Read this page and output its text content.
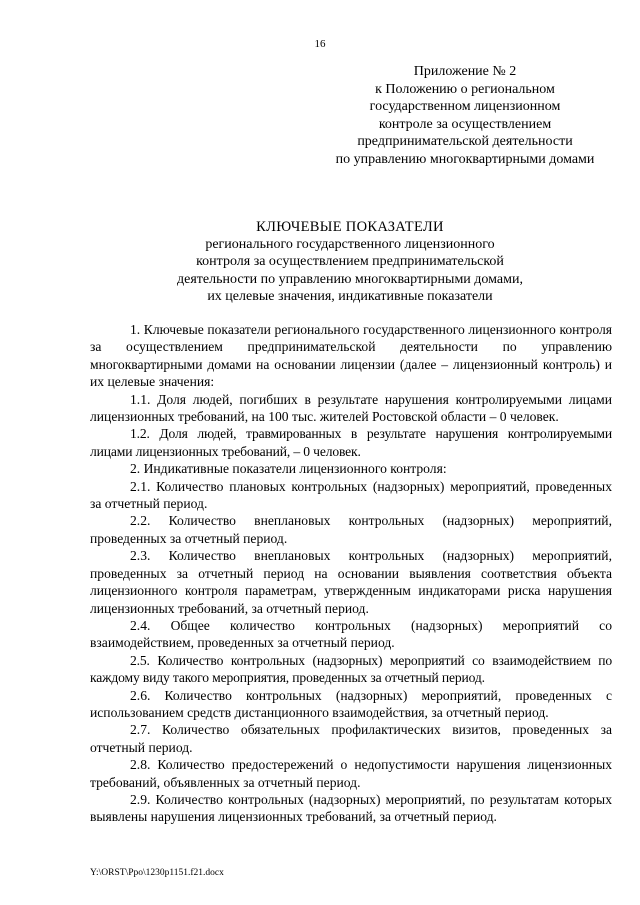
16
Приложение № 2
к Положению о региональном
государственном лицензионном
контроле за осуществлением
предпринимательской деятельности
по управлению многоквартирными домами
КЛЮЧЕВЫЕ ПОКАЗАТЕЛИ
регионального государственного лицензионного
контроля за осуществлением предпринимательской
деятельности по управлению многоквартирными домами,
их целевые значения, индикативные показатели

1. Ключевые показатели регионального государственного лицензионного контроля за осуществлением предпринимательской деятельности по управлению многоквартирными домами на основании лицензии (далее – лицензионный контроль) и их целевые значения:

1.1. Доля людей, погибших в результате нарушения контролируемыми лицами лицензионных требований, на 100 тыс. жителей Ростовской области – 0 человек.

1.2. Доля людей, травмированных в результате нарушения контролируемыми лицами лицензионных требований, – 0 человек.

2. Индикативные показатели лицензионного контроля:

2.1. Количество плановых контрольных (надзорных) мероприятий, проведенных за отчетный период.

2.2. Количество внеплановых контрольных (надзорных) мероприятий, проведенных за отчетный период.

2.3. Количество внеплановых контрольных (надзорных) мероприятий, проведенных за отчетный период на основании выявления соответствия объекта лицензионного контроля параметрам, утвержденным индикаторами риска нарушения лицензионных требований, за отчетный период.

2.4. Общее количество контрольных (надзорных) мероприятий со взаимодействием, проведенных за отчетный период.

2.5. Количество контрольных (надзорных) мероприятий со взаимодействием по каждому виду такого мероприятия, проведенных за отчетный период.

2.6. Количество контрольных (надзорных) мероприятий, проведенных с использованием средств дистанционного взаимодействия, за отчетный период.

2.7. Количество обязательных профилактических визитов, проведенных за отчетный период.

2.8. Количество предостережений о недопустимости нарушения лицензионных требований, объявленных за отчетный период.

2.9. Количество контрольных (надзорных) мероприятий, по результатам которых выявлены нарушения лицензионных требований, за отчетный период.

Y:\ORST\Ppo\1230p1151.f21.docx
